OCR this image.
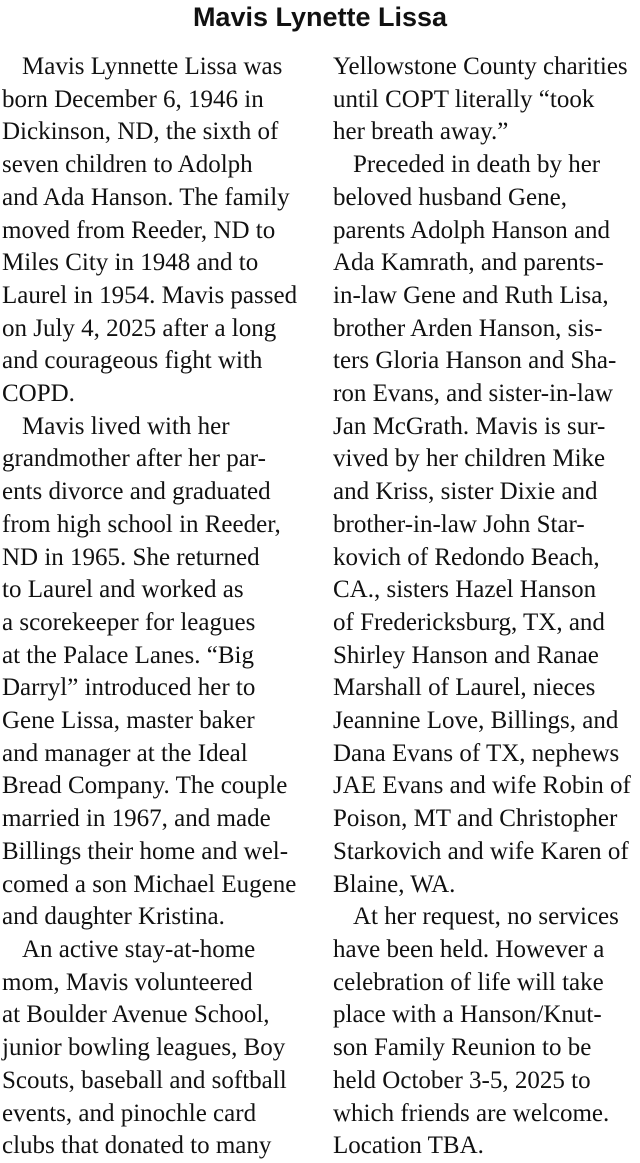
Mavis Lynette Lissa
Mavis Lynnette Lissa was
born December 6, 1946 in
Dickinson, ND, the sixth of
seven children to Adolph
and Ada Hanson. The family
moved from Reeder, ND to
Miles City in 1948 and to
Laurel in 1954. Mavis passed
on July 4, 2025 after a long
and courageous fight with
COPD.
Mavis lived with her
grandmother after her par-
ents divorce and graduated
from high school in Reeder,
ND in 1965. She returned
to Laurel and worked as
a scorekeeper for leagues
at the Palace Lanes. “Big
Darryl” introduced her to
Gene Lissa, master baker
and manager at the Ideal
Bread Company. The couple
married in 1967, and made
Billings their home and wel-
comed a son Michael Eugene
and daughter Kristina.
An active stay-at-home
mom, Mavis volunteered
at Boulder Avenue School,
junior bowling leagues, Boy
Scouts, baseball and softball
events, and pinochle card
clubs that donated to many
Yellowstone County charities
until COPT literally “took
her breath away.”
Preceded in death by her
beloved husband Gene,
parents Adolph Hanson and
Ada Kamrath, and parents-
in-law Gene and Ruth Lisa,
brother Arden Hanson, sis-
ters Gloria Hanson and Sha-
ron Evans, and sister-in-law
Jan McGrath. Mavis is sur-
vived by her children Mike
and Kriss, sister Dixie and
brother-in-law John Star-
kovich of Redondo Beach,
CA., sisters Hazel Hanson
of Fredericksburg, TX, and
Shirley Hanson and Ranae
Marshall of Laurel, nieces
Jeannine Love, Billings, and
Dana Evans of TX, nephews
JAE Evans and wife Robin of
Poison, MT and Christopher
Starkovich and wife Karen of
Blaine, WA.
At her request, no services
have been held. However a
celebration of life will take
place with a Hanson/Knut-
son Family Reunion to be
held October 3-5, 2025 to
which friends are welcome.
Location TBA.
